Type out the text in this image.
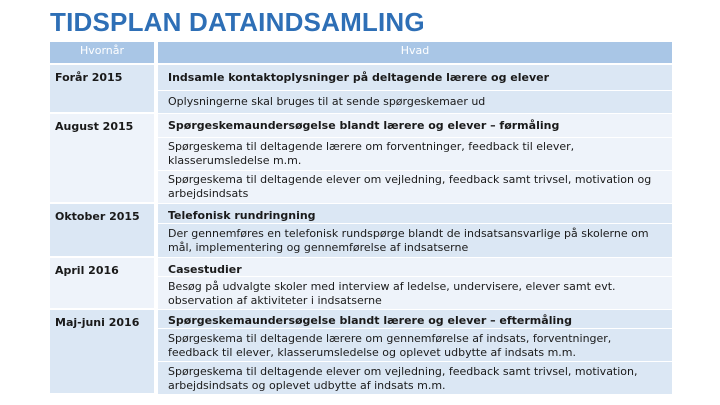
TIDSPLAN DATAINDSAMLING
Hvornår	Hvad
Forår 2015	Indsamle kontaktoplysninger på deltagende lærere og elever
Oplysningerne skal bruges til at sende spørgeskemaer ud
August 2015	Spørgeskemaundersøgelse blandt lærere og elever – førmåling
Spørgeskema til deltagende lærere om forventninger, feedback til elever, klasserumsledelse m.m.
Spørgeskema til deltagende elever om vejledning, feedback samt trivsel, motivation og arbejdsindsats
Oktober 2015	Telefonisk rundringning
Der gennemføres en telefonisk rundspørge blandt de indsatsansvarlige på skolerne om mål, implementering og gennemførelse af indsatserne
April 2016	Casestudier
Besøg på udvalgte skoler med interview af ledelse, undervisere, elever samt evt. observation af aktiviteter i indsatserne
Maj-juni 2016	Spørgeskemaundersøgelse blandt lærere og elever – eftermåling
Spørgeskema til deltagende lærere om gennemførelse af indsats, forventninger, feedback til elever, klasserumsledelse og oplevet udbytte af indsats m.m.
Spørgeskema til deltagende elever om vejledning, feedback samt trivsel, motivation, arbejdsindsats og oplevet udbytte af indsats m.m.
